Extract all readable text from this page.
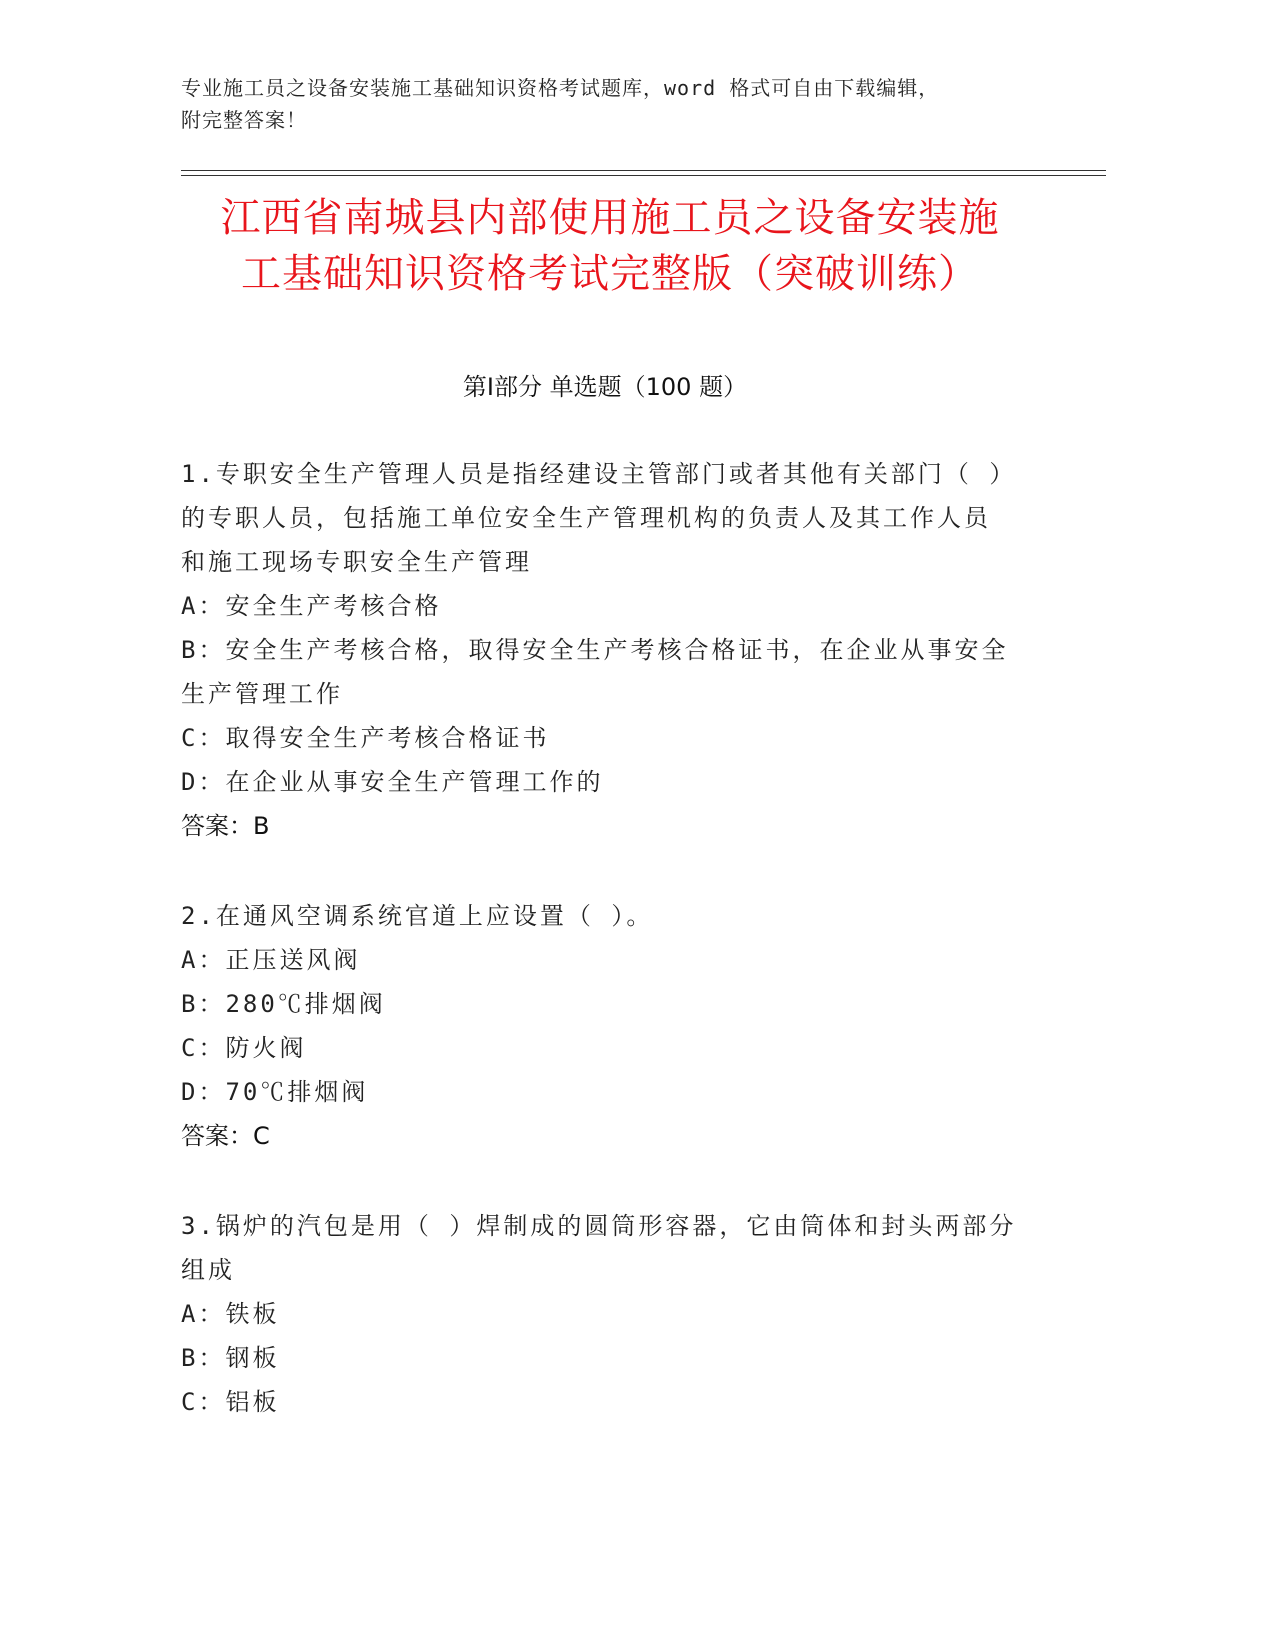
专业施工员之设备安装施工基础知识资格考试题库，word 格式可自由下载编辑，
附完整答案！
江西省南城县内部使用施工员之设备安装施
工基础知识资格考试完整版（突破训练）
第Ⅰ部分 单选题（100 题）
1.专职安全生产管理人员是指经建设主管部门或者其他有关部门（ ）
的专职人员，包括施工单位安全生产管理机构的负责人及其工作人员
和施工现场专职安全生产管理
A：安全生产考核合格
B：安全生产考核合格，取得安全生产考核合格证书，在企业从事安全
生产管理工作
C：取得安全生产考核合格证书
D：在企业从事安全生产管理工作的
答案：B
2.在通风空调系统官道上应设置（ ）。
A：正压送风阀
B：280℃排烟阀
C：防火阀
D：70℃排烟阀
答案：C
3.锅炉的汽包是用（ ）焊制成的圆筒形容器，它由筒体和封头两部分
组成
A：铁板
B：钢板
C：铝板
